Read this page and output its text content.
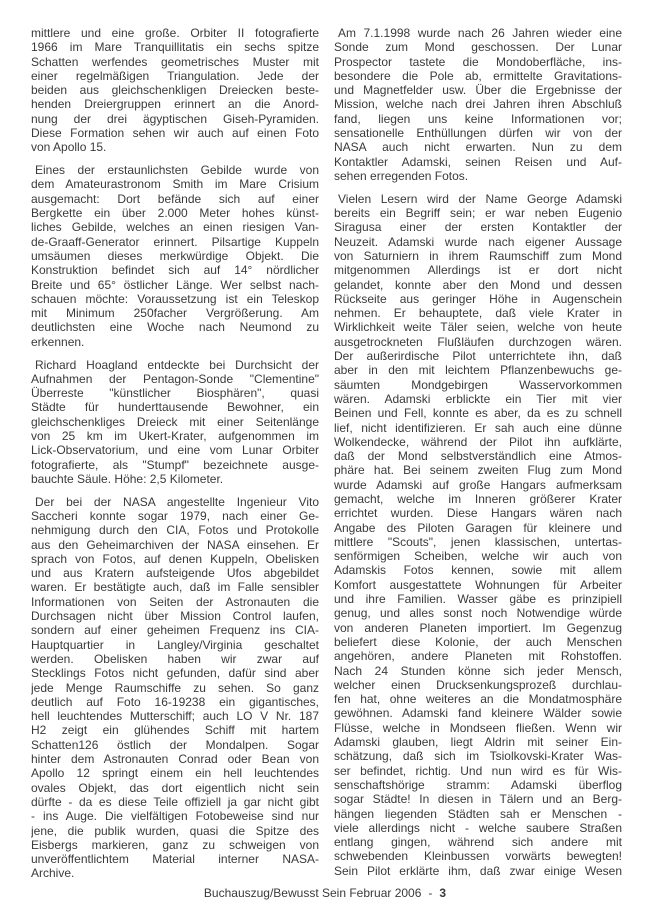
mittlere und eine große. Orbiter II fotografierte
1966 im Mare Tranquillitatis ein sechs spitze
Schatten werfendes geometrisches Muster mit
einer regelmäßigen Triangulation. Jede der
beiden aus gleichschenkligen Dreiecken beste-
henden Dreiergruppen erinnert an die Anord-
nung der drei ägyptischen Giseh-Pyramiden.
Diese Formation sehen wir auch auf einen Foto
von Apollo 15.
Eines der erstaunlichsten Gebilde wurde von
dem Amateurastronom Smith im Mare Crisium
ausgemacht: Dort befände sich auf einer
Bergkette ein über 2.000 Meter hohes künst-
liches Gebilde, welches an einen riesigen Van-
de-Graaff-Generator erinnert. Pilsartige Kuppeln
umsäumen dieses merkwürdige Objekt. Die
Konstruktion befindet sich auf 14° nördlicher
Breite und 65° östlicher Länge. Wer selbst nach-
schauen möchte: Voraussetzung ist ein Teleskop
mit Minimum 250facher Vergrößerung. Am
deutlichsten eine Woche nach Neumond zu
erkennen.
Richard Hoagland entdeckte bei Durchsicht der
Aufnahmen der Pentagon-Sonde "Clementine"
Überreste "künstlicher Biosphären", quasi
Städte für hunderttausende Bewohner, ein
gleichschenkliges Dreieck mit einer Seitenlänge
von 25 km im Ukert-Krater, aufgenommen im
Lick-Observatorium, und eine vom Lunar Orbiter
fotografierte, als "Stumpf" bezeichnete ausge-
bauchte Säule. Höhe: 2,5 Kilometer.
Der bei der NASA angestellte Ingenieur Vito
Saccheri konnte sogar 1979, nach einer Ge-
nehmigung durch den CIA, Fotos und Protokolle
aus den Geheimarchiven der NASA einsehen. Er
sprach von Fotos, auf denen Kuppeln, Obelisken
und aus Kratern aufsteigende Ufos abgebildet
waren. Er bestätigte auch, daß im Falle sensibler
Informationen von Seiten der Astronauten die
Durchsagen nicht über Mission Control laufen,
sondern auf einer geheimen Frequenz ins CIA-
Hauptquartier in Langley/Virginia geschaltet
werden. Obelisken haben wir zwar auf
Stecklings Fotos nicht gefunden, dafür sind aber
jede Menge Raumschiffe zu sehen. So ganz
deutlich auf Foto 16-19238 ein gigantisches,
hell leuchtendes Mutterschiff; auch LO V Nr. 187
H2 zeigt ein glühendes Schiff mit hartem
Schatten126 östlich der Mondalpen. Sogar
hinter dem Astronauten Conrad oder Bean von
Apollo 12 springt einem ein hell leuchtendes
ovales Objekt, das dort eigentlich nicht sein
dürfte - da es diese Teile offiziell ja gar nicht gibt
- ins Auge. Die vielfältigen Fotobeweise sind nur
jene, die publik wurden, quasi die Spitze des
Eisbergs markieren, ganz zu schweigen von
unveröffentlichtem Material interner NASA-
Archive.
Am 7.1.1998 wurde nach 26 Jahren wieder eine
Sonde zum Mond geschossen. Der Lunar
Prospector tastete die Mondoberfläche, ins-
besondere die Pole ab, ermittelte Gravitations-
und Magnetfelder usw. Über die Ergebnisse der
Mission, welche nach drei Jahren ihren Abschluß
fand, liegen uns keine Informationen vor;
sensationelle Enthüllungen dürfen wir von der
NASA auch nicht erwarten. Nun zu dem
Kontaktler Adamski, seinen Reisen und Auf-
sehen erregenden Fotos.
Vielen Lesern wird der Name George Adamski
bereits ein Begriff sein; er war neben Eugenio
Siragusa einer der ersten Kontaktler der
Neuzeit. Adamski wurde nach eigener Aussage
von Saturniern in ihrem Raumschiff zum Mond
mitgenommen Allerdings ist er dort nicht
gelandet, konnte aber den Mond und dessen
Rückseite aus geringer Höhe in Augenschein
nehmen. Er behauptete, daß viele Krater in
Wirklichkeit weite Täler seien, welche von heute
ausgetrockneten Flußläufen durchzogen wären.
Der außerirdische Pilot unterrichtete ihn, daß
aber in den mit leichtem Pflanzenbewuchs ge-
säumten Mondgebirgen Wasservorkommen
wären. Adamski erblickte ein Tier mit vier
Beinen und Fell, konnte es aber, da es zu schnell
lief, nicht identifizieren. Er sah auch eine dünne
Wolkendecke, während der Pilot ihn aufklärte,
daß der Mond selbstverständlich eine Atmos-
phäre hat. Bei seinem zweiten Flug zum Mond
wurde Adamski auf große Hangars aufmerksam
gemacht, welche im Inneren größerer Krater
errichtet wurden. Diese Hangars wären nach
Angabe des Piloten Garagen für kleinere und
mittlere "Scouts", jenen klassischen, untertas-
senförmigen Scheiben, welche wir auch von
Adamskis Fotos kennen, sowie mit allem
Komfort ausgestattete Wohnungen für Arbeiter
und ihre Familien. Wasser gäbe es prinzipiell
genug, und alles sonst noch Notwendige würde
von anderen Planeten importiert. Im Gegenzug
beliefert diese Kolonie, der auch Menschen
angehören, andere Planeten mit Rohstoffen.
Nach 24 Stunden könne sich jeder Mensch,
welcher einen Drucksenkungsprozeß durchlau-
fen hat, ohne weiteres an die Mondatmosphäre
gewöhnen. Adamski fand kleinere Wälder sowie
Flüsse, welche in Mondseen fließen. Wenn wir
Adamski glauben, liegt Aldrin mit seiner Ein-
schätzung, daß sich im Tsiolkovski-Krater Was-
ser befindet, richtig. Und nun wird es für Wis-
senschaftshörige stramm: Adamski überflog
sogar Städte! In diesen in Tälern und an Berg-
hängen liegenden Städten sah er Menschen -
viele allerdings nicht - welche saubere Straßen
entlang gingen, während sich andere mit
schwebenden Kleinbussen vorwärts bewegten!
Sein Pilot erklärte ihm, daß zwar einige Wesen
Buchauszug/Bewusst Sein Februar 2006 - 3
